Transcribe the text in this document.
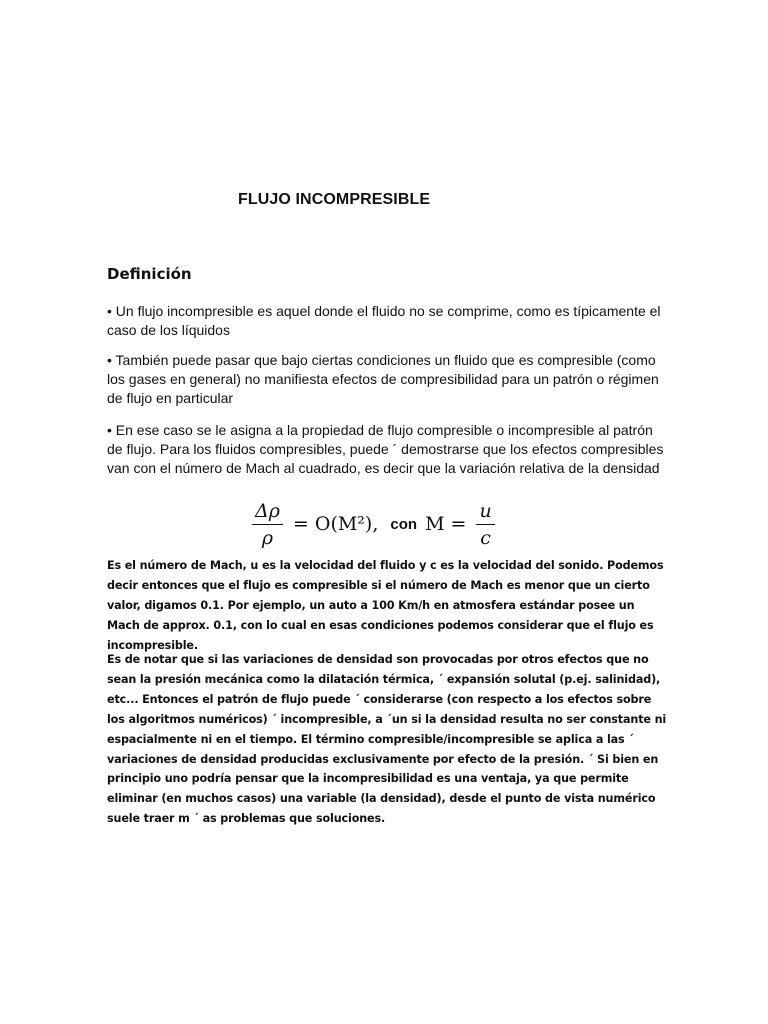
FLUJO INCOMPRESIBLE
Definición

• Un flujo incompresible es aquel donde el fluido no se comprime, como es típicamente el caso de los líquidos

• También puede pasar que bajo ciertas condiciones un fluido que es compresible (como los gases en general) no manifiesta efectos de compresibilidad para un patrón o régimen de flujo en particular

• En ese caso se le asigna a la propiedad de flujo compresible o incompresible al patrón de flujo. Para los fluidos compresibles, puede ´ demostrarse que los efectos compresibles van con el número de Mach al cuadrado, es decir que la variación relativa de la densidad

$\frac{\Delta\rho}{\rho} = O(M^2)$, con $M = \frac{u}{c}$

Es el número de Mach, u es la velocidad del fluido y c es la velocidad del sonido. Podemos decir entonces que el flujo es compresible si el número de Mach es menor que un cierto valor, digamos 0.1. Por ejemplo, un auto a 100 Km/h en atmosfera estándar posee un Mach de approx. 0.1, con lo cual en esas condiciones podemos considerar que el flujo es incompresible.

Es de notar que si las variaciones de densidad son provocadas por otros efectos que no sean la presión mecánica como la dilatación térmica, ´ expansión solutal (p.ej. salinidad), etc... Entonces el patrón de flujo puede ´ considerarse (con respecto a los efectos sobre los algoritmos numéricos) ´ incompresible, a ´un si la densidad resulta no ser constante ni espacialmente ni en el tiempo. El término compresible/incompresible se aplica a las ´ variaciones de densidad producidas exclusivamente por efecto de la presión. ´ Si bien en principio uno podría pensar que la incompresibilidad es una ventaja, ya que permite eliminar (en muchos casos) una variable (la densidad), desde el punto de vista numérico suele traer m ´ as problemas que soluciones.
